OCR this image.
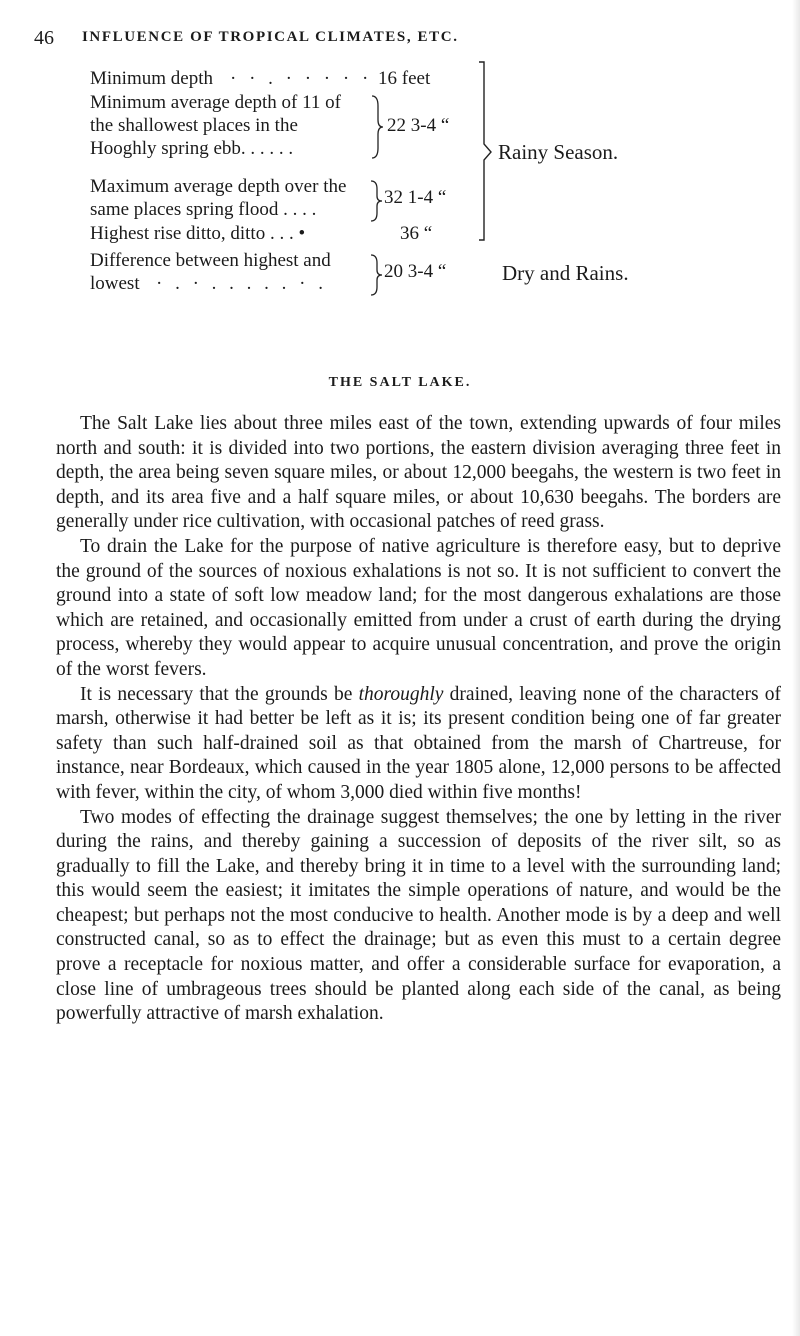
46 INFLUENCE OF TROPICAL CLIMATES, ETC.
Minimum depth · · . · · · · · 16 feet
Minimum average depth of 11 of
the shallowest places in the
Hooghly spring ebb. . . . . .
22 3-4 “
Maximum average depth over the
same places spring flood . . . .
32 1-4 “
Highest rise ditto, ditto . . . •	36 “
Difference between highest and
lowest · . · . . . . . · .
20 3-4 “
Rainy Season.
Dry and Rains.
THE SALT LAKE.

The Salt Lake lies about three miles east of the town, extending upwards of four miles north and south: it is divided into two portions, the eastern division averaging three feet in depth, the area being seven square miles, or about 12,000 beegahs, the western is two feet in depth, and its area five and a half square miles, or about 10,630 beegahs. The borders are generally under rice cultivation, with occasional patches of reed grass.

To drain the Lake for the purpose of native agriculture is therefore easy, but to deprive the ground of the sources of noxious exhalations is not so. It is not sufficient to convert the ground into a state of soft low meadow land; for the most dangerous exhalations are those which are retained, and occasionally emitted from under a crust of earth during the drying process, whereby they would appear to acquire unusual concentration, and prove the origin of the worst fevers.

It is necessary that the grounds be thoroughly drained, leaving none of the characters of marsh, otherwise it had better be left as it is; its present condition being one of far greater safety than such half-drained soil as that obtained from the marsh of Chartreuse, for instance, near Bordeaux, which caused in the year 1805 alone, 12,000 persons to be affected with fever, within the city, of whom 3,000 died within five months!

Two modes of effecting the drainage suggest themselves; the one by letting in the river during the rains, and thereby gaining a succession of deposits of the river silt, so as gradually to fill the Lake, and thereby bring it in time to a level with the surrounding land; this would seem the easiest; it imitates the simple operations of nature, and would be the cheapest; but perhaps not the most conducive to health. Another mode is by a deep and well constructed canal, so as to effect the drainage; but as even this must to a certain degree prove a receptacle for noxious matter, and offer a considerable surface for evaporation, a close line of umbrageous trees should be planted along each side of the canal, as being powerfully attractive of marsh exhalation.
